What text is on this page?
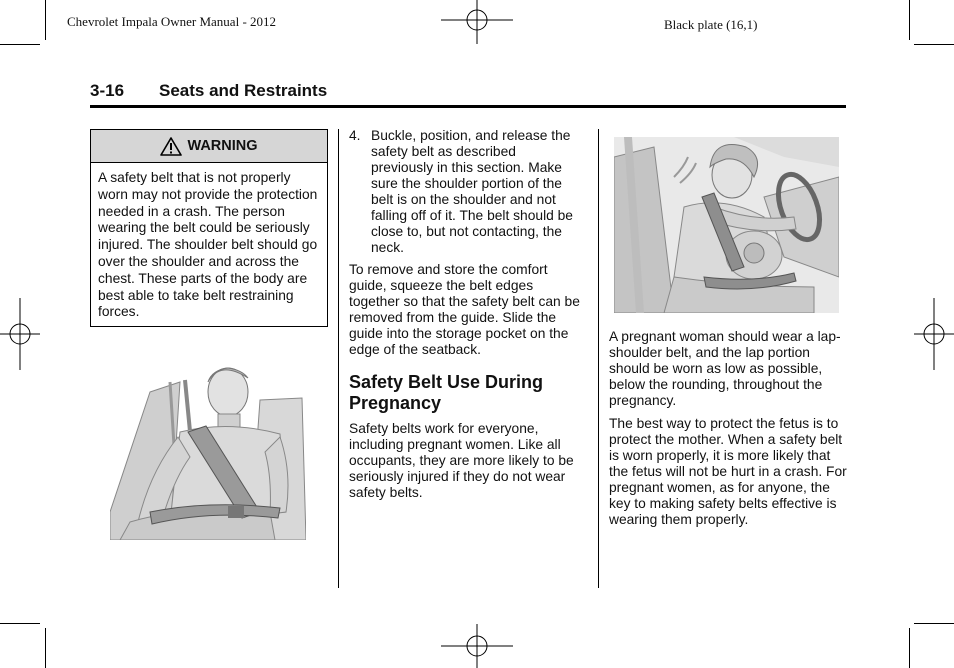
Chevrolet Impala Owner Manual - 2012	Black plate (16,1)
3-16 Seats and Restraints
WARNING
A safety belt that is not properly worn may not provide the protection needed in a crash. The person wearing the belt could be seriously injured. The shoulder belt should go over the shoulder and across the chest. These parts of the body are best able to take belt restraining forces.
4. Buckle, position, and release the safety belt as described previously in this section. Make sure the shoulder portion of the belt is on the shoulder and not falling off of it. The belt should be close to, but not contacting, the neck.
To remove and store the comfort guide, squeeze the belt edges together so that the safety belt can be removed from the guide. Slide the guide into the storage pocket on the edge of the seatback.
Safety Belt Use During Pregnancy
Safety belts work for everyone, including pregnant women. Like all occupants, they are more likely to be seriously injured if they do not wear safety belts.
A pregnant woman should wear a lap-shoulder belt, and the lap portion should be worn as low as possible, below the rounding, throughout the pregnancy.
The best way to protect the fetus is to protect the mother. When a safety belt is worn properly, it is more likely that the fetus will not be hurt in a crash. For pregnant women, as for anyone, the key to making safety belts effective is wearing them properly.
